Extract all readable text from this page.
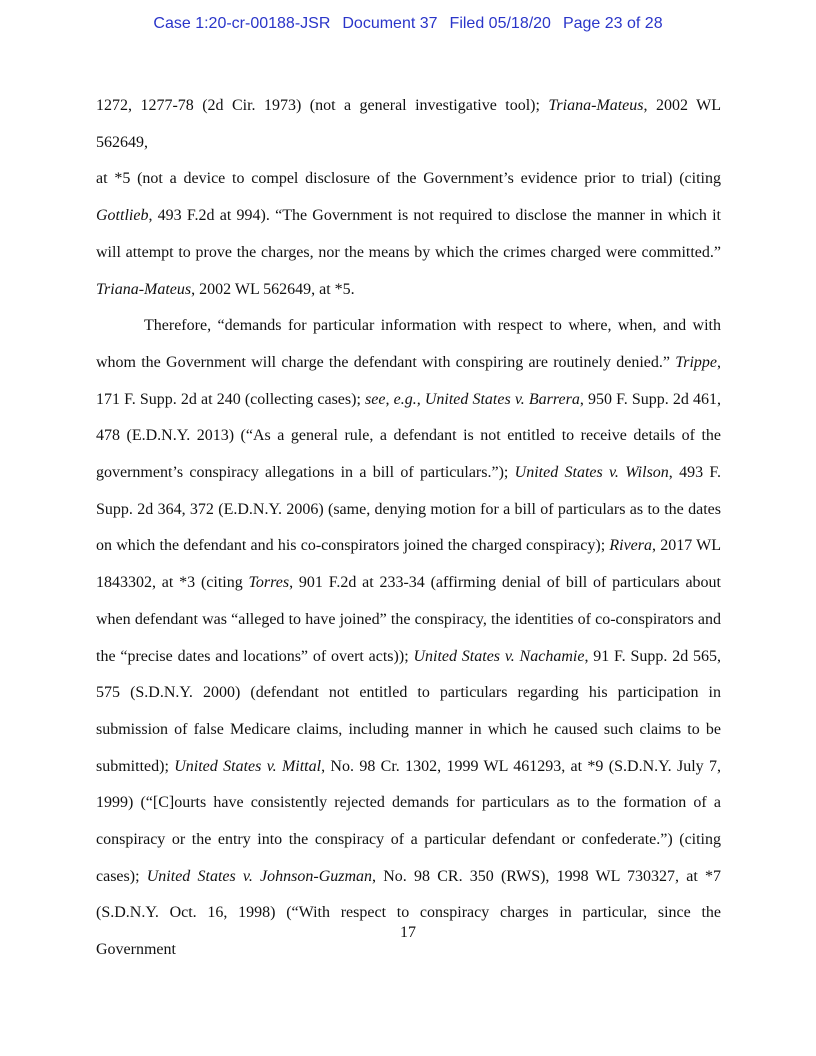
Case 1:20-cr-00188-JSR Document 37 Filed 05/18/20 Page 23 of 28

1272, 1277-78 (2d Cir. 1973) (not a general investigative tool); Triana-Mateus, 2002 WL 562649,
at *5 (not a device to compel disclosure of the Government’s evidence prior to trial) (citing
Gottlieb, 493 F.2d at 994). “The Government is not required to disclose the manner in which it
will attempt to prove the charges, nor the means by which the crimes charged were committed.”
Triana-Mateus, 2002 WL 562649, at *5.

Therefore, “demands for particular information with respect to where, when, and with
whom the Government will charge the defendant with conspiring are routinely denied.” Trippe,
171 F. Supp. 2d at 240 (collecting cases); see, e.g., United States v. Barrera, 950 F. Supp. 2d 461,
478 (E.D.N.Y. 2013) (“As a general rule, a defendant is not entitled to receive details of the
government’s conspiracy allegations in a bill of particulars.”); United States v. Wilson, 493 F.
Supp. 2d 364, 372 (E.D.N.Y. 2006) (same, denying motion for a bill of particulars as to the dates
on which the defendant and his co-conspirators joined the charged conspiracy); Rivera, 2017 WL
1843302, at *3 (citing Torres, 901 F.2d at 233-34 (affirming denial of bill of particulars about
when defendant was “alleged to have joined” the conspiracy, the identities of co-conspirators and
the “precise dates and locations” of overt acts)); United States v. Nachamie, 91 F. Supp. 2d 565,
575 (S.D.N.Y. 2000) (defendant not entitled to particulars regarding his participation in
submission of false Medicare claims, including manner in which he caused such claims to be
submitted); United States v. Mittal, No. 98 Cr. 1302, 1999 WL 461293, at *9 (S.D.N.Y. July 7,
1999) (“[C]ourts have consistently rejected demands for particulars as to the formation of a
conspiracy or the entry into the conspiracy of a particular defendant or confederate.”) (citing
cases); United States v. Johnson-Guzman, No. 98 CR. 350 (RWS), 1998 WL 730327, at *7
(S.D.N.Y. Oct. 16, 1998) (“With respect to conspiracy charges in particular, since the Government

17
